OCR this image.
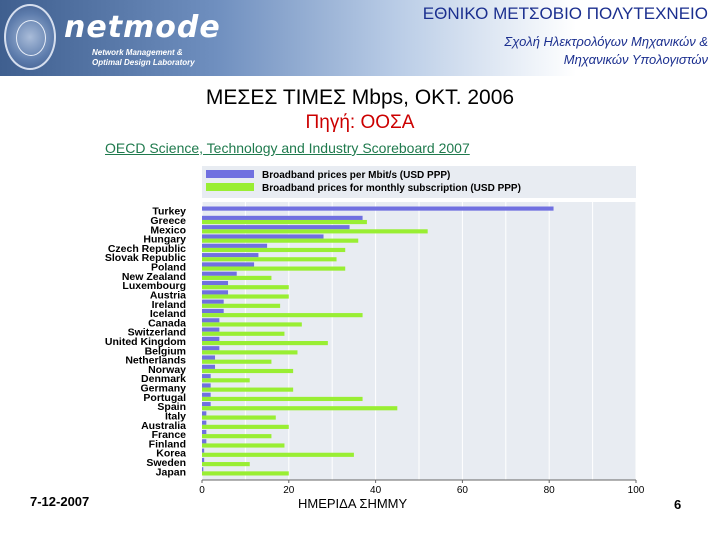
netmode
Network Management &
Optimal Design Laboratory
ΕΘΝΙΚΟ ΜΕΤΣΟΒΙΟ ΠΟΛΥΤΕΧΝΕΙΟ
Σχολή Ηλεκτρολόγων Μηχανικών &
Μηχανικών Υπολογιστών
ΜΕΣΕΣ ΤΙΜΕΣ Mbps, ΟΚΤ. 2006
Πηγή: ΟΟΣΑ
OECD Science, Technology and Industry Scoreboard 2007
Broadband prices per Mbit/s (USD PPP)
Broadband prices for monthly subscription (USD PPP)
Turkey
Greece
Mexico
Hungary
Czech Republic
Slovak Republic
Poland
New Zealand
Luxembourg
Austria
Ireland
Iceland
Canada
Switzerland
United Kingdom
Belgium
Netherlands
Norway
Denmark
Germany
Portugal
Spain
Italy
Australia
France
Finland
Korea
Sweden
Japan
0	20	40	60	80	100
7-12-2007	ΗΜΕΡΙΔΑ ΣΗΜΜΥ	6
